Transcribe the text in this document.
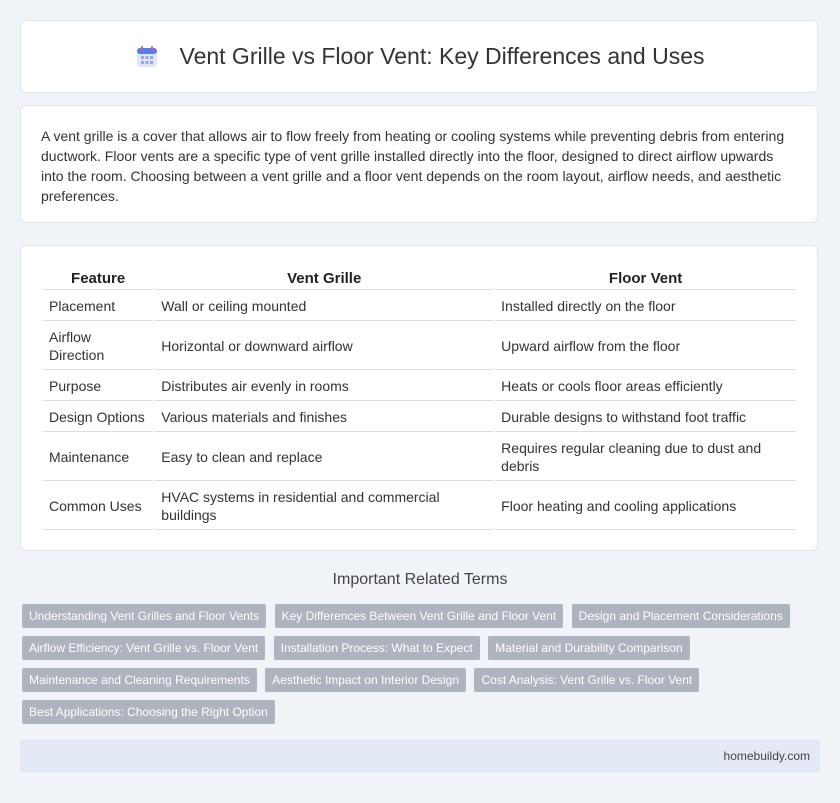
Vent Grille vs Floor Vent: Key Differences and Uses

A vent grille is a cover that allows air to flow freely from heating or cooling systems while preventing debris from entering ductwork. Floor vents are a specific type of vent grille installed directly into the floor, designed to direct airflow upwards into the room. Choosing between a vent grille and a floor vent depends on the room layout, airflow needs, and aesthetic preferences.

Feature	Vent Grille	Floor Vent
Placement	Wall or ceiling mounted	Installed directly on the floor
Airflow Direction	Horizontal or downward airflow	Upward airflow from the floor
Purpose	Distributes air evenly in rooms	Heats or cools floor areas efficiently
Design Options	Various materials and finishes	Durable designs to withstand foot traffic
Maintenance	Easy to clean and replace	Requires regular cleaning due to dust and debris
Common Uses	HVAC systems in residential and commercial buildings	Floor heating and cooling applications
Important Related Terms
Understanding Vent Grilles and Floor Vents Key Differences Between Vent Grille and Floor Vent Design and Placement Considerations Airflow Efficiency: Vent Grille vs. Floor Vent Installation Process: What to Expect Material and Durability Comparison Maintenance and Cleaning Requirements Aesthetic Impact on Interior Design Cost Analysis: Vent Grille vs. Floor Vent Best Applications: Choosing the Right Option
homebuildy.com
